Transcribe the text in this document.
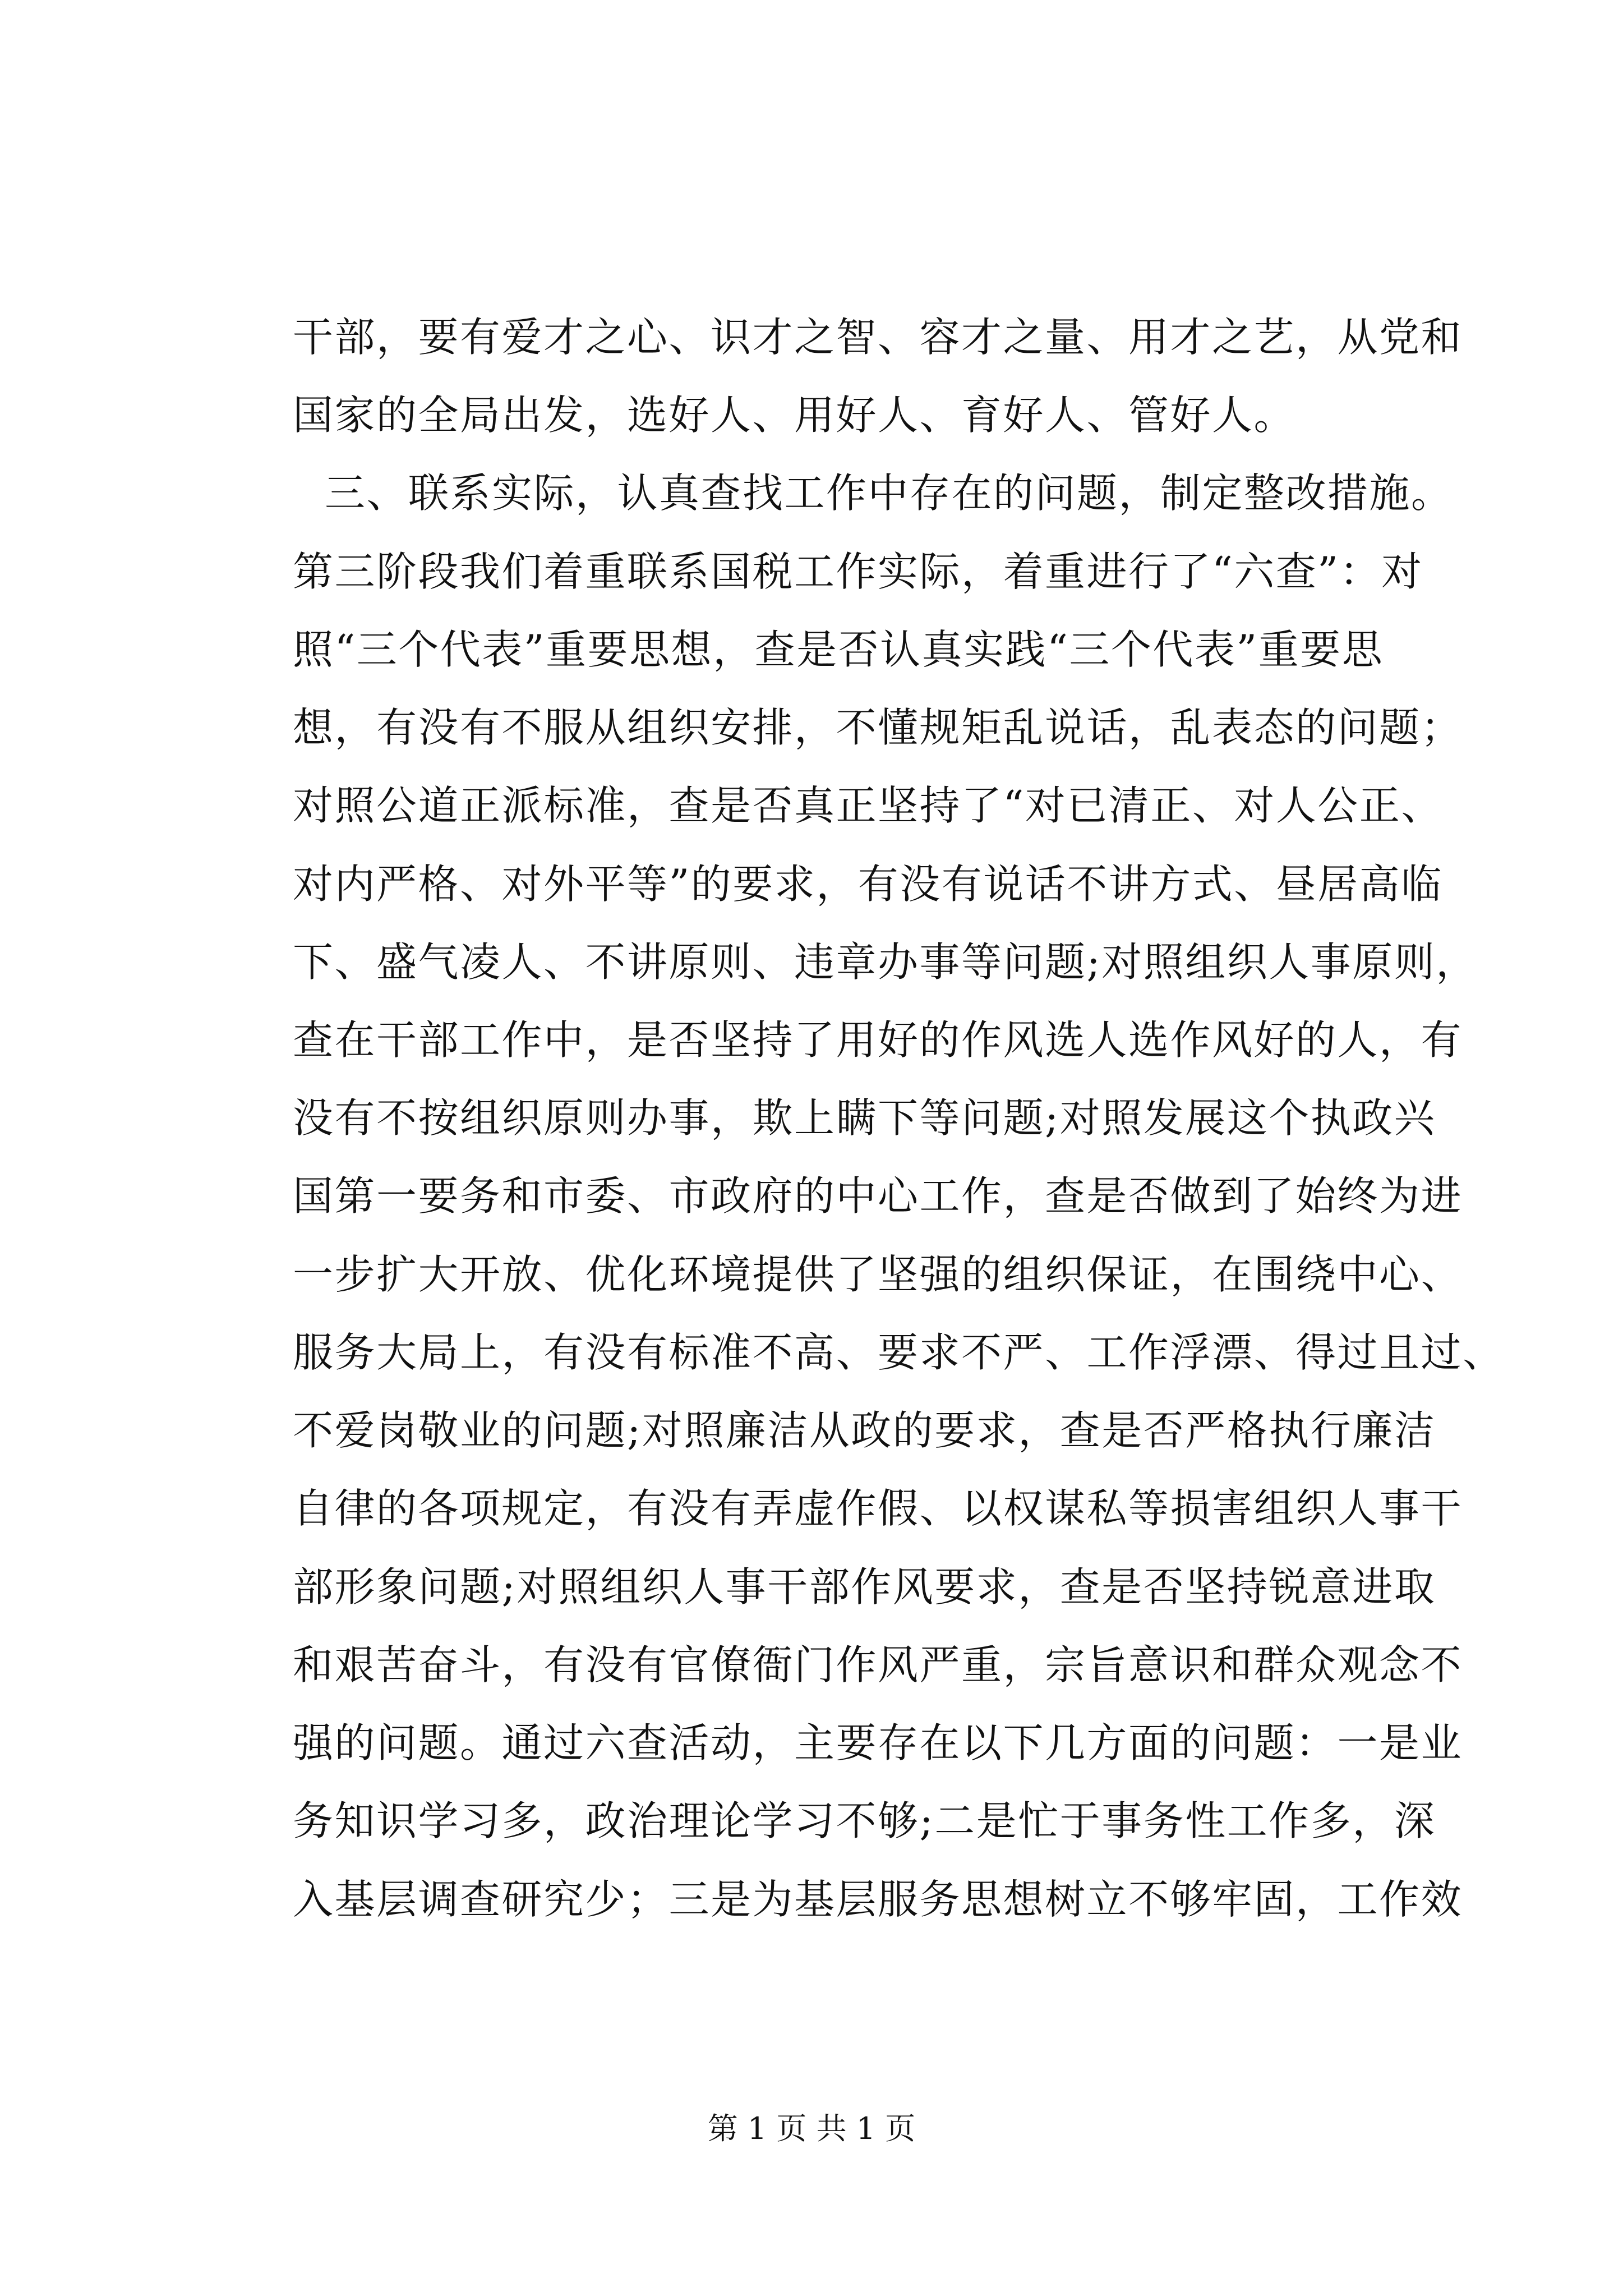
干部，要有爱才之心、识才之智、容才之量、用才之艺，从党和
国家的全局出发，选好人、用好人、育好人、管好人。
三、联系实际，认真查找工作中存在的问题，制定整改措施。
第三阶段我们着重联系国税工作实际，着重进行了“六查”：对
照“三个代表”重要思想，查是否认真实践“三个代表”重要思
想，有没有不服从组织安排，不懂规矩乱说话，乱表态的问题；
对照公道正派标准，查是否真正坚持了“对已清正、对人公正、
对内严格、对外平等”的要求，有没有说话不讲方式、昼居高临
下、盛气凌人、不讲原则、违章办事等问题;对照组织人事原则，
查在干部工作中，是否坚持了用好的作风选人选作风好的人，有
没有不按组织原则办事，欺上瞒下等问题;对照发展这个执政兴
国第一要务和市委、市政府的中心工作，查是否做到了始终为进
一步扩大开放、优化环境提供了坚强的组织保证，在围绕中心、
服务大局上，有没有标准不高、要求不严、工作浮漂、得过且过、
不爱岗敬业的问题;对照廉洁从政的要求，查是否严格执行廉洁
自律的各项规定，有没有弄虚作假、以权谋私等损害组织人事干
部形象问题;对照组织人事干部作风要求，查是否坚持锐意进取
和艰苦奋斗，有没有官僚衙门作风严重，宗旨意识和群众观念不
强的问题。通过六查活动，主要存在以下几方面的问题：一是业
务知识学习多，政治理论学习不够;二是忙于事务性工作多，深
入基层调查研究少；三是为基层服务思想树立不够牢固，工作效
第 1 页 共 1 页
